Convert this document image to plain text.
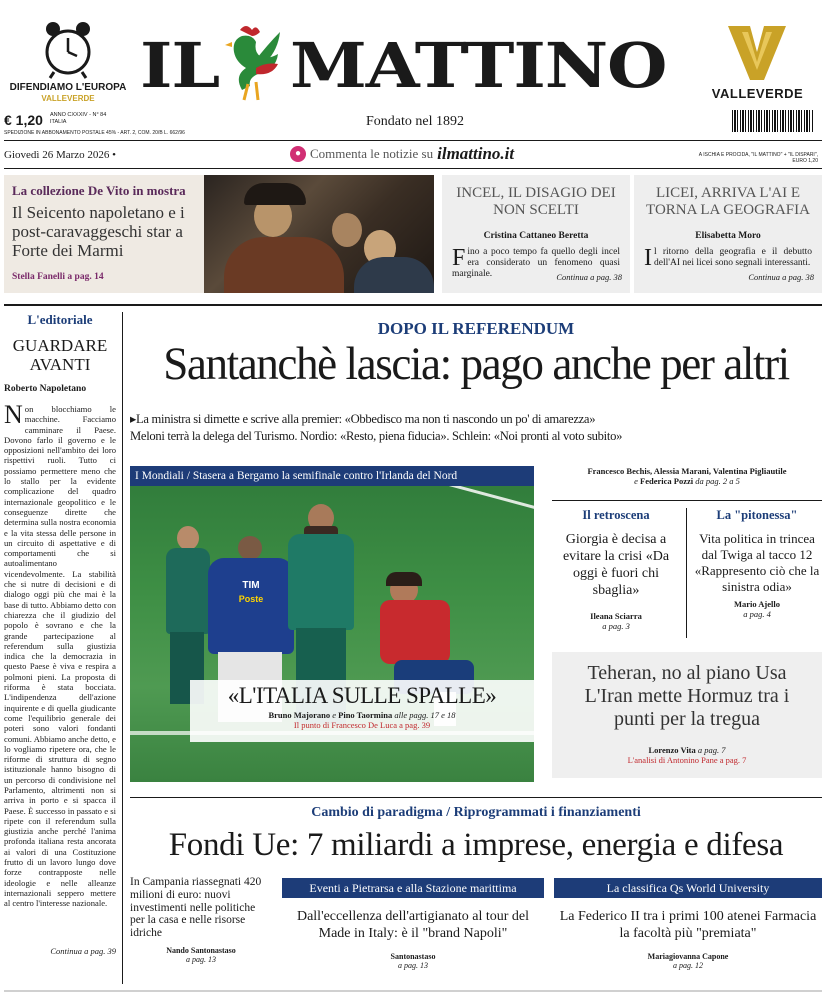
DIFENDIAMO L'EUROPA
VALLEVERDE IL MATTINO	VALLEVERDE
€ 1,20 ANNO CXXXIV - N° 84
ITALIA
SPEDIZIONE IN ABBONAMENTO POSTALE 45% - ART. 2, COM. 20/B L. 662/96
Fondato nel 1892
Giovedì 26 Marzo 2026 •	● Commenta le notizie su ilmattino.it	A ISCHIA E PROCIDA, "IL MATTINO" + "IL DISPARI", EURO 1,20
La collezione De Vito in mostra
Il Seicento napoletano e i post-caravaggeschi star a Forte dei Marmi
Stella Fanelli a pag. 14
INCEL, IL DISAGIO DEI NON SCELTI
Cristina Cattaneo Beretta
Fino a poco tempo fa quello degli incel era considerato un fenomeno quasi marginale.	Continua a pag. 38
LICEI, ARRIVA L'AI E TORNA LA GEOGRAFIA
Elisabetta Moro
Il ritorno della geografia e il debutto dell'AI nei licei sono segnali interessanti.
Continua a pag. 38
L'editoriale
GUARDARE AVANTI
Roberto Napoletano
Non blocchiamo le macchine. Facciamo camminare il Paese. Dovono farlo il governo e le opposizioni nell'ambito dei loro rispettivi ruoli. Tutto ci possiamo permettere meno che lo stallo per la evidente complicazione del quadro internazionale geopolitico e le conseguenze dirette che determina sulla nostra economia e la vita stessa delle persone in un circuito di aspettative e di comportamenti che si autoalimentano vicendevolmente. La stabilità che si nutre di decisioni e di dialogo oggi più che mai è la base di tutto. Abbiamo detto con chiarezza che il giudizio del popolo è sovrano e che la grande partecipazione al referendum sulla giustizia indica che la democrazia in questo Paese è viva e respira a polmoni pieni. La proposta di riforma è stata bocciata. L'indipendenza dell'azione inquirente e di quella giudicante come l'equilibrio generale dei poteri sono valori fondanti comuni. Abbiamo anche detto, e lo vogliamo ripetere ora, che le riforme di struttura di segno istituzionale hanno bisogno di un percorso di condivisione nel Parlamento, altrimenti non si arriva in porto e si spacca il Paese. È successo in passato e si ripete con il referendum sulla giustizia anche perché l'anima profonda italiana resta ancorata ai valori di una Costituzione frutto di un lavoro lungo dove forze contrapposte nelle ideologie e nelle alleanze internazionali seppero mettere al centro l'interesse nazionale.
Continua a pag. 39
DOPO IL REFERENDUM
Santanchè lascia: pago anche per altri
▸La ministra si dimette e scrive alla premier: «Obbedisco ma non ti nascondo un po' di amarezza»
Meloni terrà la delega del Turismo. Nordio: «Resto, piena fiducia». Schlein: «Noi pronti al voto subito»
TIM
Poste
I Mondiali / Stasera a Bergamo la semifinale contro l'Irlanda del Nord
«L'ITALIA SULLE SPALLE»
Bruno Majorano e Pino Taormina alle pagg. 17 e 18
Il punto di Francesco De Luca a pag. 39
Francesco Bechis, Alessia Marani, Valentina Pigliautile
e Federica Pozzi da pag. 2 a 5
Il retroscena
Giorgia è decisa a evitare la crisi «Da oggi è fuori chi sbaglia»
Ileana Sciarra
a pag. 3
La "pitonessa"
Vita politica in trincea dal Twiga al tacco 12 «Rappresento ciò che la sinistra odia»
Mario Ajello
a pag. 4
Teheran, no al piano Usa L'Iran mette Hormuz tra i punti per la tregua
Lorenzo Vita a pag. 7
L'analisi di Antonino Pane a pag. 7
Cambio di paradigma / Riprogrammati i finanziamenti
Fondi Ue: 7 miliardi a imprese, energia e difesa
In Campania riassegnati 420 milioni di euro: nuovi investimenti nelle politiche per la casa e nelle risorse idriche
Nando Santonastaso
a pag. 13
Eventi a Pietrarsa e alla Stazione marittima
Dall'eccellenza dell'artigianato al tour del Made in Italy: è il "brand Napoli"
Santonastaso
a pag. 13
La classifica Qs World University
La Federico II tra i primi 100 atenei Farmacia la facoltà più "premiata"
Mariagiovanna Capone
a pag. 12
